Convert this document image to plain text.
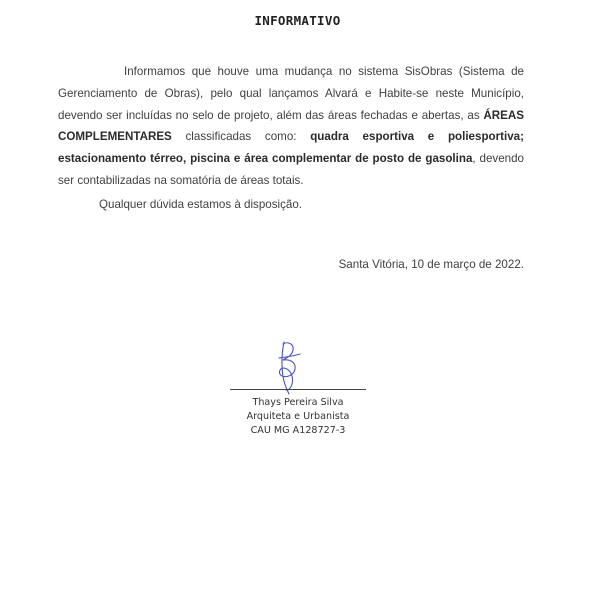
INFORMATIVO
Informamos que houve uma mudança no sistema SisObras (Sistema de Gerenciamento de Obras), pelo qual lançamos Alvará e Habite-se neste Município, devendo ser incluídas no selo de projeto, além das áreas fechadas e abertas, as ÁREAS COMPLEMENTARES classificadas como: quadra esportiva e poliesportiva; estacionamento térreo, piscina e área complementar de posto de gasolina, devendo ser contabilizadas na somatória de áreas totais.
Qualquer dúvida estamos à disposição.
Santa Vitória, 10 de março de 2022.
Thays Pereira Silva
Arquiteta e Urbanista
CAU MG A128727-3
